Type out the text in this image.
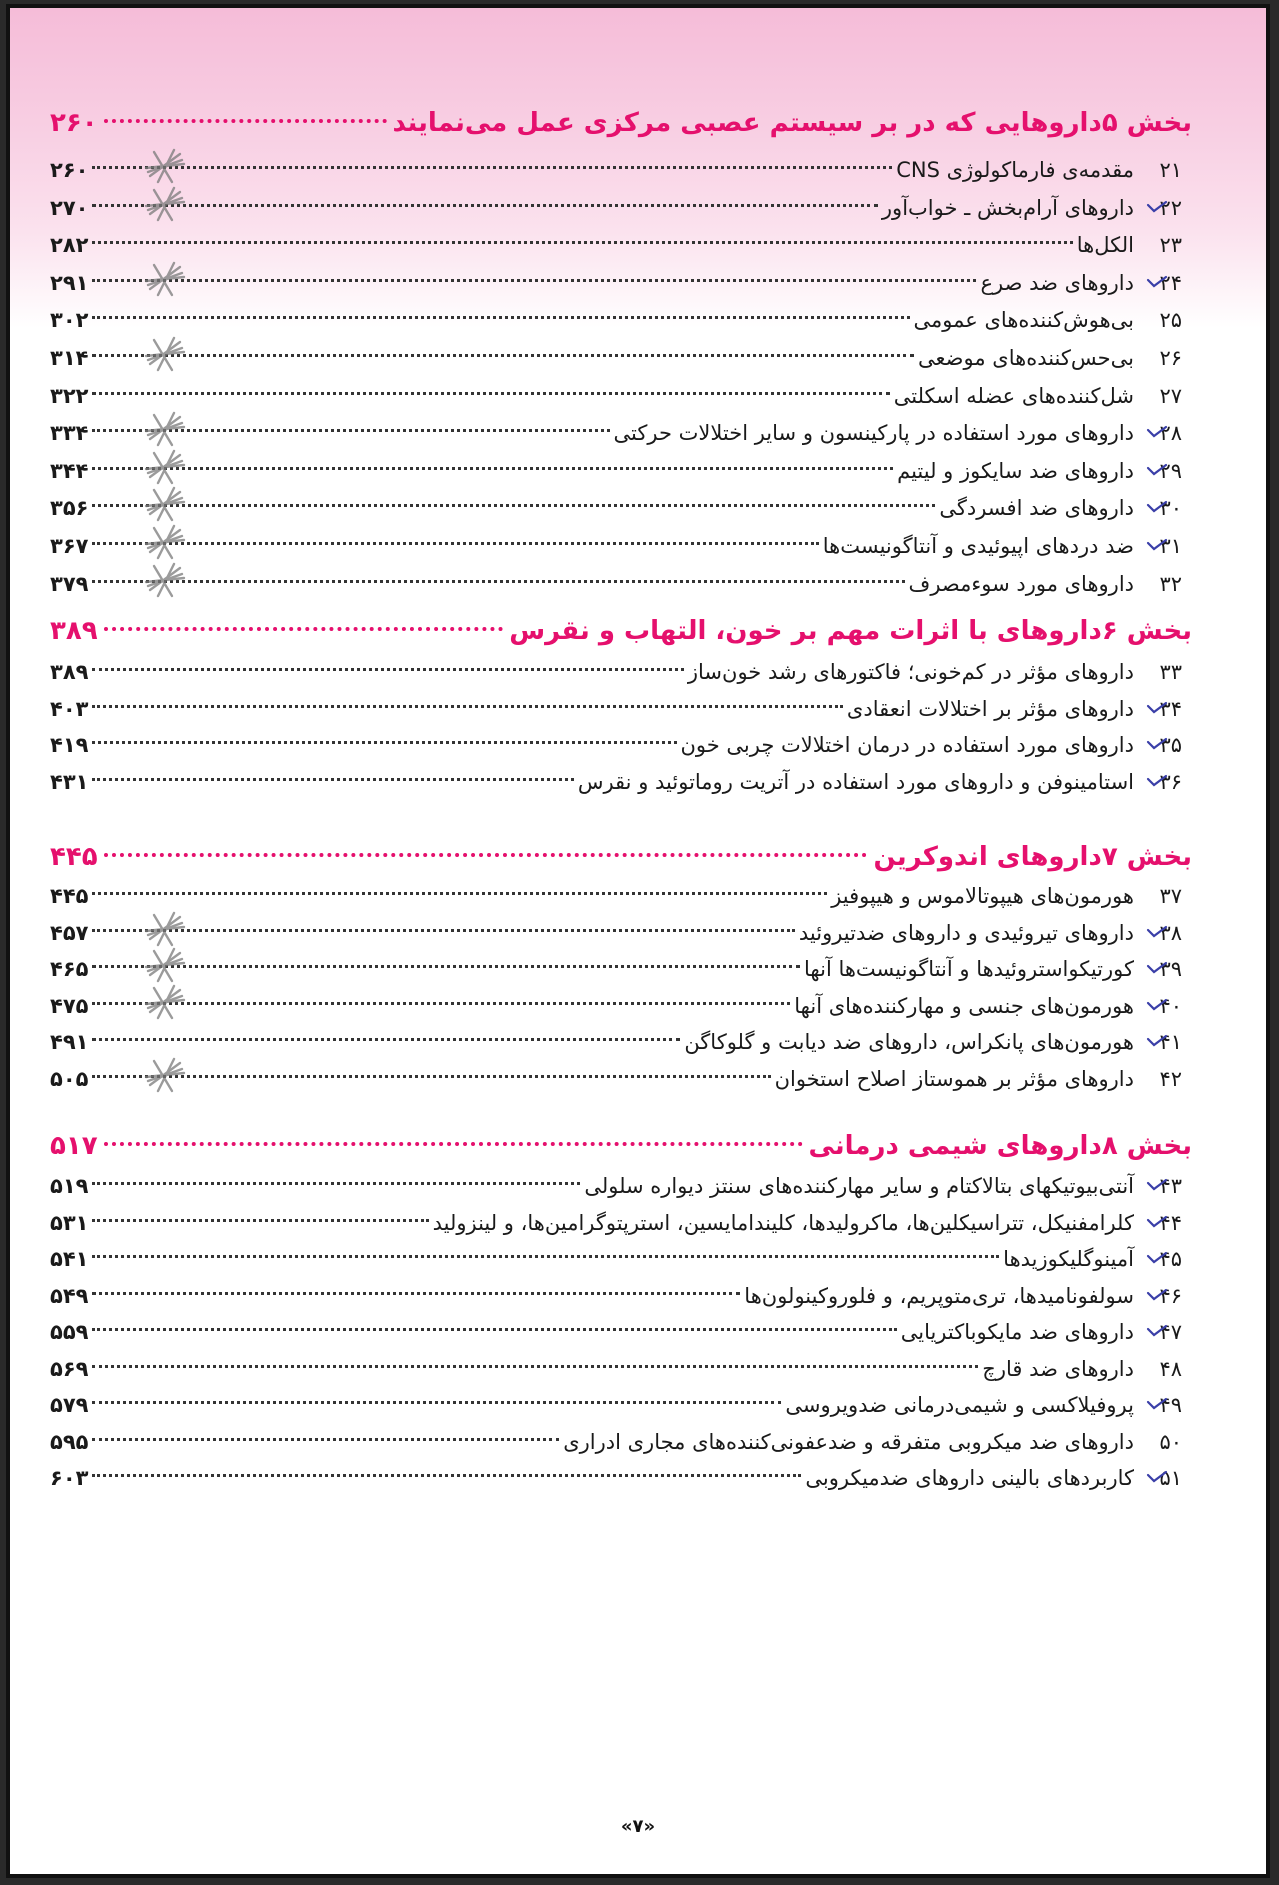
بخش ۵
داروهایی که در بر سیستم عصبی مرکزی عمل می‌نمایند
۲۶۰
۲۱
مقدمه‌ی فارماکولوژی CNS
۲۶۰
۲۲
داروهای آرام‌بخش ـ خواب‌آور
۲۷۰
۲۳
الکل‌ها
۲۸۲
۲۴
داروهای ضد صرع
۲۹۱
۲۵
بی‌هوش‌کننده‌های عمومی
۳۰۲
۲۶
بی‌حس‌کننده‌های موضعی
۳۱۴
۲۷
شل‌کننده‌های عضله اسکلتی
۳۲۲
۲۸
داروهای مورد استفاده در پارکینسون و سایر اختلالات حرکتی
۳۳۴
۲۹
داروهای ضد سایکوز و لیتیم
۳۴۴
۳۰
داروهای ضد افسردگی
۳۵۶
۳۱
ضد دردهای اپیوئیدی و آنتاگونیست‌ها
۳۶۷
۳۲
داروهای مورد سوءمصرف
۳۷۹
بخش ۶
داروهای با اثرات مهم بر خون، التهاب و نقرس
۳۸۹
۳۳
داروهای مؤثر در کم‌خونی؛ فاکتورهای رشد خون‌ساز
۳۸۹
۳۴
داروهای مؤثر بر اختلالات انعقادی
۴۰۳
۳۵
داروهای مورد استفاده در درمان اختلالات چربی خون
۴۱۹
۳۶
استامینوفن و داروهای مورد استفاده در آتریت روماتوئید و نقرس
۴۳۱
بخش ۷
داروهای اندوکرین
۴۴۵
۳۷
هورمون‌های هیپوتالاموس و هیپوفیز
۴۴۵
۳۸
داروهای تیروئیدی و داروهای ضدتیروئید
۴۵۷
۳۹
کورتیکواستروئیدها و آنتاگونیست‌ها آنها
۴۶۵
۴۰
هورمون‌های جنسی و مهارکننده‌های آنها
۴۷۵
۴۱
هورمون‌های پانکراس، داروهای ضد دیابت و گلوکاگن
۴۹۱
۴۲
داروهای مؤثر بر هموستاز اصلاح استخوان
۵۰۵
بخش ۸
داروهای شیمی درمانی
۵۱۷
۴۳
آنتی‌بیوتیکهای بتالاکتام و سایر مهارکننده‌های سنتز دیواره سلولی
۵۱۹
۴۴
کلرامفنیکل، تتراسیکلین‌ها، ماکرولیدها، کلیندامایسین، استرپتوگرامین‌ها، و لینزولید
۵۳۱
۴۵
آمینوگلیکوزیدها
۵۴۱
۴۶
سولفونامیدها، تری‌متوپریم، و فلوروکینولون‌ها
۵۴۹
۴۷
داروهای ضد مایکوباکتریایی
۵۵۹
۴۸
داروهای ضد قارچ
۵۶۹
۴۹
پروفیلاکسی و شیمی‌درمانی ضدویروسی
۵۷۹
۵۰
داروهای ضد میکروبی متفرقه و ضدعفونی‌کننده‌های مجاری ادراری
۵۹۵
۵۱
کاربردهای بالینی داروهای ضدمیکروبی
۶۰۳
«۷»
